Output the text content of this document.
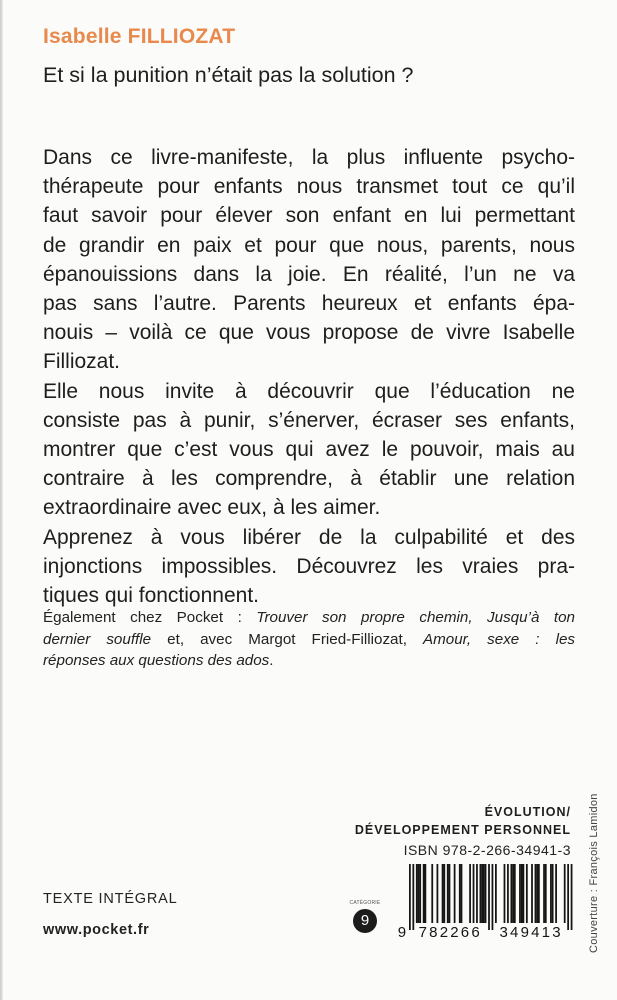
Isabelle FILLIOZAT
Et si la punition n’était pas la solution ?
Dans ce livre-manifeste, la plus influente psycho-
thérapeute pour enfants nous transmet tout ce qu’il
faut savoir pour élever son enfant en lui permettant
de grandir en paix et pour que nous, parents, nous
épanouissions dans la joie. En réalité, l’un ne va
pas sans l’autre. Parents heureux et enfants épa-
nouis – voilà ce que vous propose de vivre Isabelle
Filliozat.
Elle nous invite à découvrir que l’éducation ne
consiste pas à punir, s’énerver, écraser ses enfants,
montrer que c’est vous qui avez le pouvoir, mais au
contraire à les comprendre, à établir une relation
extraordinaire avec eux, à les aimer.
Apprenez à vous libérer de la culpabilité et des
injonctions impossibles. Découvrez les vraies pra-
tiques qui fonctionnent.
Également chez Pocket : Trouver son propre chemin, Jusqu’à ton
dernier souffle et, avec Margot Fried-Filliozat, Amour, sexe : les
réponses aux questions des ados.
ÉVOLUTION/
DÉVELOPPEMENT PERSONNEL
ISBN 978-2-266-34941-3
9 782266 349413 Couverture : François Lamidon
TEXTE INTÉGRAL
www.pocket.fr
CATÉGORIE
9
